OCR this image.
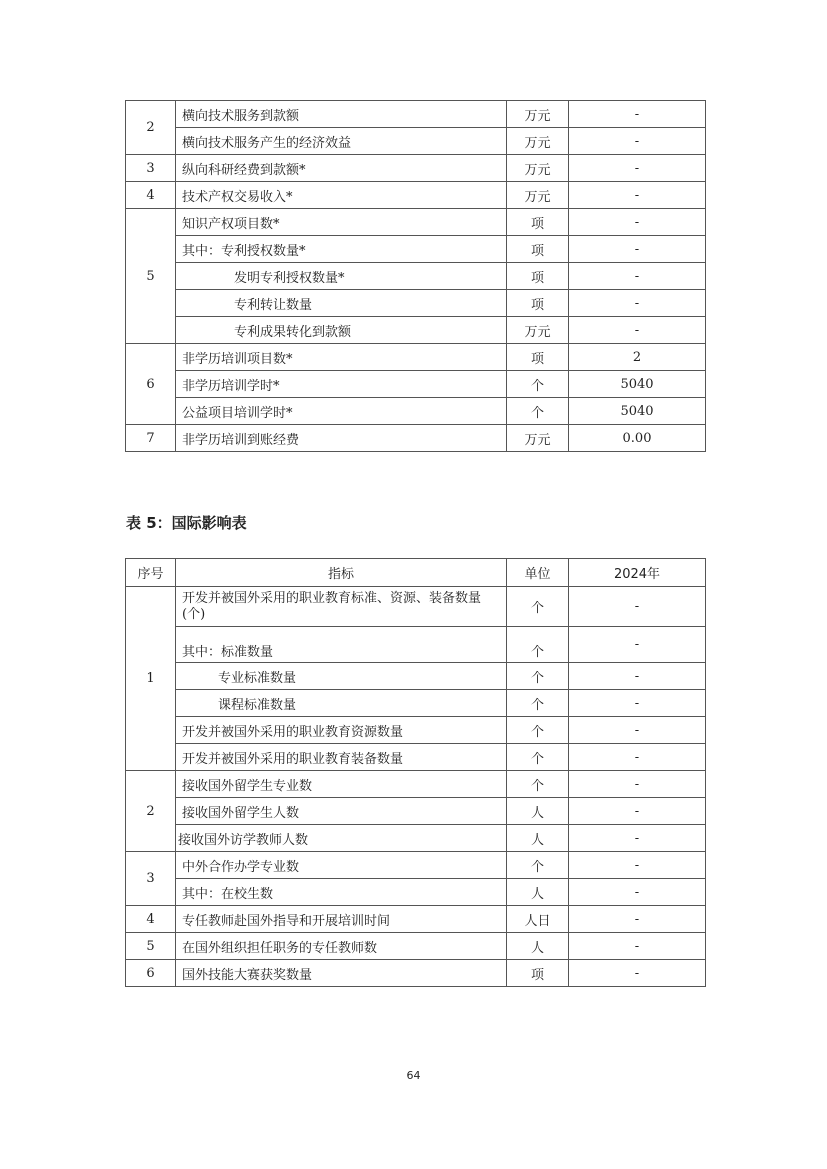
2	横向技术服务到款额	万元	-
	横向技术服务产生的经济效益	万元	-
3	纵向科研经费到款额*	万元	-
4	技术产权交易收入*	万元	-
5	知识产权项目数*	项	-
	其中：专利授权数量*	项	-
	发明专利授权数量*	项	-
	专利转让数量	项	-
	专利成果转化到款额	万元	-
6	非学历培训项目数*	项	2
	非学历培训学时*	个	5040
	公益项目培训学时*	个	5040
7	非学历培训到账经费	万元	0.00
表 5：国际影响表
序号	指标	单位	2024年
1	开发并被国外采用的职业教育标准、资源、装备数量(个)	个	-
	其中：标准数量	个	-
	专业标准数量	个	-
	课程标准数量	个	-
	开发并被国外采用的职业教育资源数量	个	-
	开发并被国外采用的职业教育装备数量	个	-
2	接收国外留学生专业数	个	-
	接收国外留学生人数	人	-
	接收国外访学教师人数	人	-
3	中外合作办学专业数	个	-
	其中：在校生数	人	-
4	专任教师赴国外指导和开展培训时间	人日	-
5	在国外组织担任职务的专任教师数	人	-
6	国外技能大赛获奖数量	项	-
64
